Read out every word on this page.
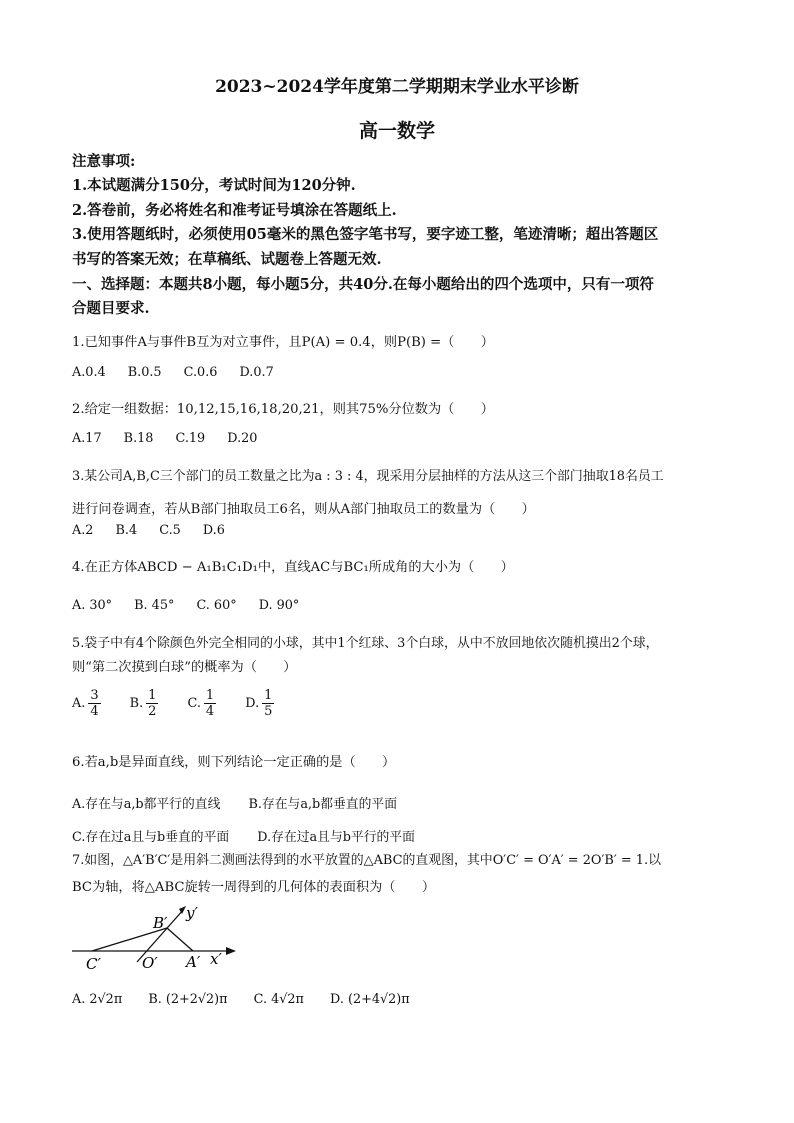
2023~2024学年度第二学期期末学业水平诊断
高一数学
注意事项:
1.本试题满分150分，考试时间为120分钟.
2.答卷前，务必将姓名和准考证号填涂在答题纸上.
3.使用答题纸时，必须使用05毫米的黑色签字笔书写，要字迹工整，笔迹清晰；超出答题区
书写的答案无效；在草稿纸、试题卷上答题无效.
一、选择题：本题共8小题，每小题5分，共40分.在每小题给出的四个选项中，只有一项符
合题目要求.
1.已知事件A与事件B互为对立事件，且P(A) = 0.4，则P(B) =（　　）
A.0.4 B.0.5 C.0.6 D.0.7
2.给定一组数据：10,12,15,16,18,20,21，则其75%分位数为（　　）
A.17 B.18 C.19 D.20
3.某公司A,B,C三个部门的员工数量之比为a : 3 : 4，现采用分层抽样的方法从这三个部门抽取18名员工
进行问卷调查，若从B部门抽取员工6名，则从A部门抽取员工的数量为（　　）
A.2 B.4 C.5 D.6
4.在正方体ABCD − A₁B₁C₁D₁中，直线AC与BC₁所成角的大小为（　　）
A. 30° B. 45° C. 60° D. 90°
5.袋子中有4个除颜色外完全相同的小球，其中1个红球、3个白球，从中不放回地依次随机摸出2个球，
则“第二次摸到白球”的概率为（　　）
A. $\frac{3}{4} B$. $\frac{1}{2} C$. $\frac{1}{4} D$. $\frac{1}{5}$
6.若a,b是异面直线，则下列结论一定正确的是（　　）
A.存在与a,b都平行的直线 B.存在与a,b都垂直的平面
C.存在过a且与b垂直的平面 D.存在过a且与b平行的平面
7.如图，△A′B′C′是用斜二测画法得到的水平放置的△ABC的直观图，其中O′C′ = O′A′ = 2O′B′ = 1.以
BC为轴，将△ABC旋转一周得到的几何体的表面积为（　　）
B′
y′
C′	O′ A′ x′
A. 2√2π B. (2+2√2)π C. 4√2π D. (2+4√2)π
